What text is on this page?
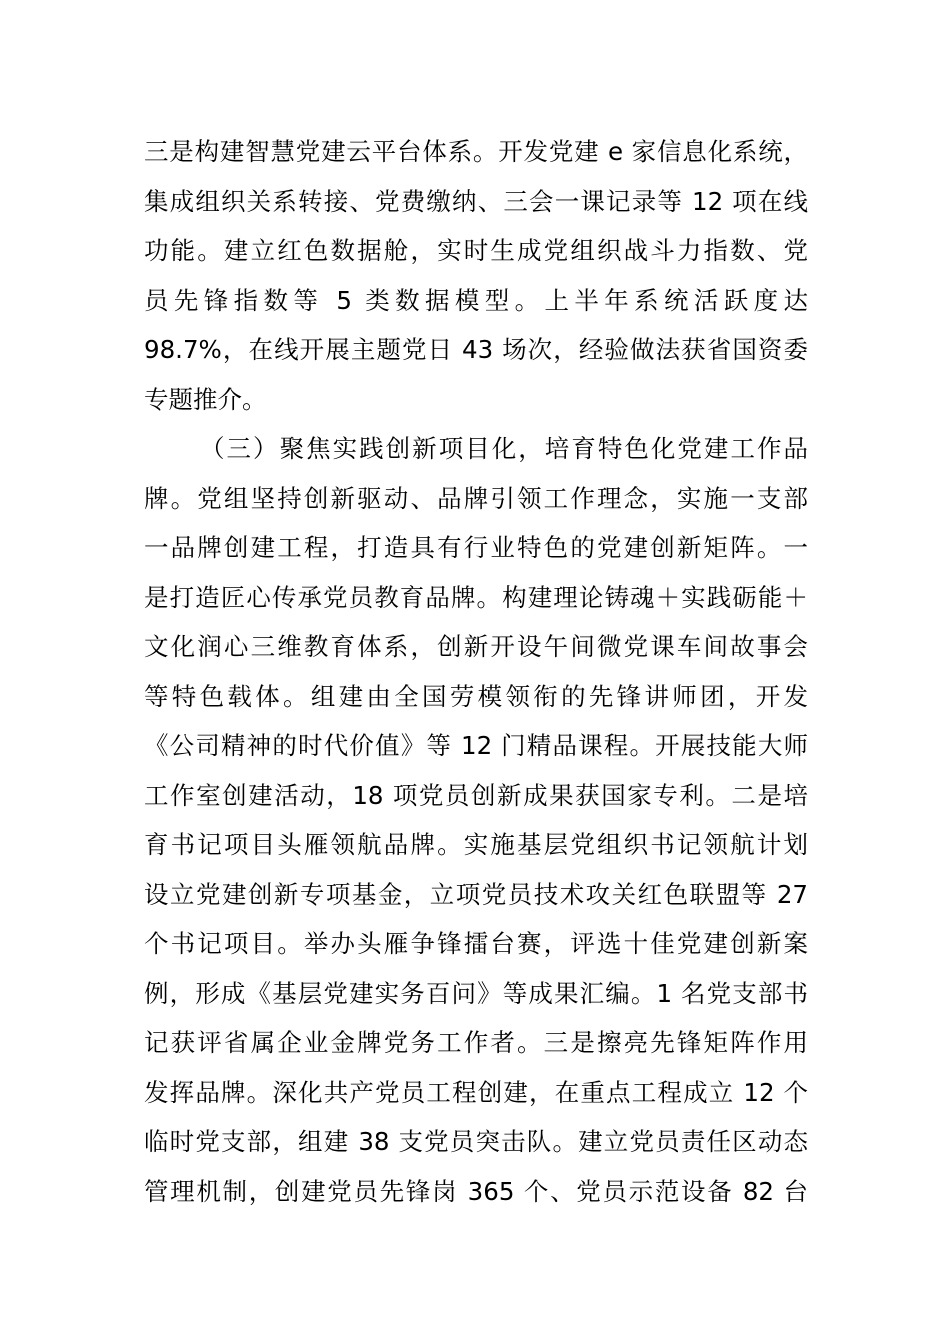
三是构建智慧党建云平台体系。开发党建 e 家信息化系统，
集成组织关系转接、党费缴纳、三会一课记录等 12 项在线
功能。建立红色数据舱，实时生成党组织战斗力指数、党
员先锋指数等 5 类数据模型。上半年系统活跃度达
98.7%，在线开展主题党日 43 场次，经验做法获省国资委
专题推介。
（三）聚焦实践创新项目化，培育特色化党建工作品
牌。党组坚持创新驱动、品牌引领工作理念，实施一支部
一品牌创建工程，打造具有行业特色的党建创新矩阵。一
是打造匠心传承党员教育品牌。构建理论铸魂＋实践砺能＋
文化润心三维教育体系，创新开设午间微党课车间故事会
等特色载体。组建由全国劳模领衔的先锋讲师团，开发
《公司精神的时代价值》等 12 门精品课程。开展技能大师
工作室创建活动，18 项党员创新成果获国家专利。二是培
育书记项目头雁领航品牌。实施基层党组织书记领航计划
设立党建创新专项基金，立项党员技术攻关红色联盟等 27
个书记项目。举办头雁争锋擂台赛，评选十佳党建创新案
例，形成《基层党建实务百问》等成果汇编。1 名党支部书
记获评省属企业金牌党务工作者。三是擦亮先锋矩阵作用
发挥品牌。深化共产党员工程创建，在重点工程成立 12 个
临时党支部，组建 38 支党员突击队。建立党员责任区动态
管理机制，创建党员先锋岗 365 个、党员示范设备 82 台
